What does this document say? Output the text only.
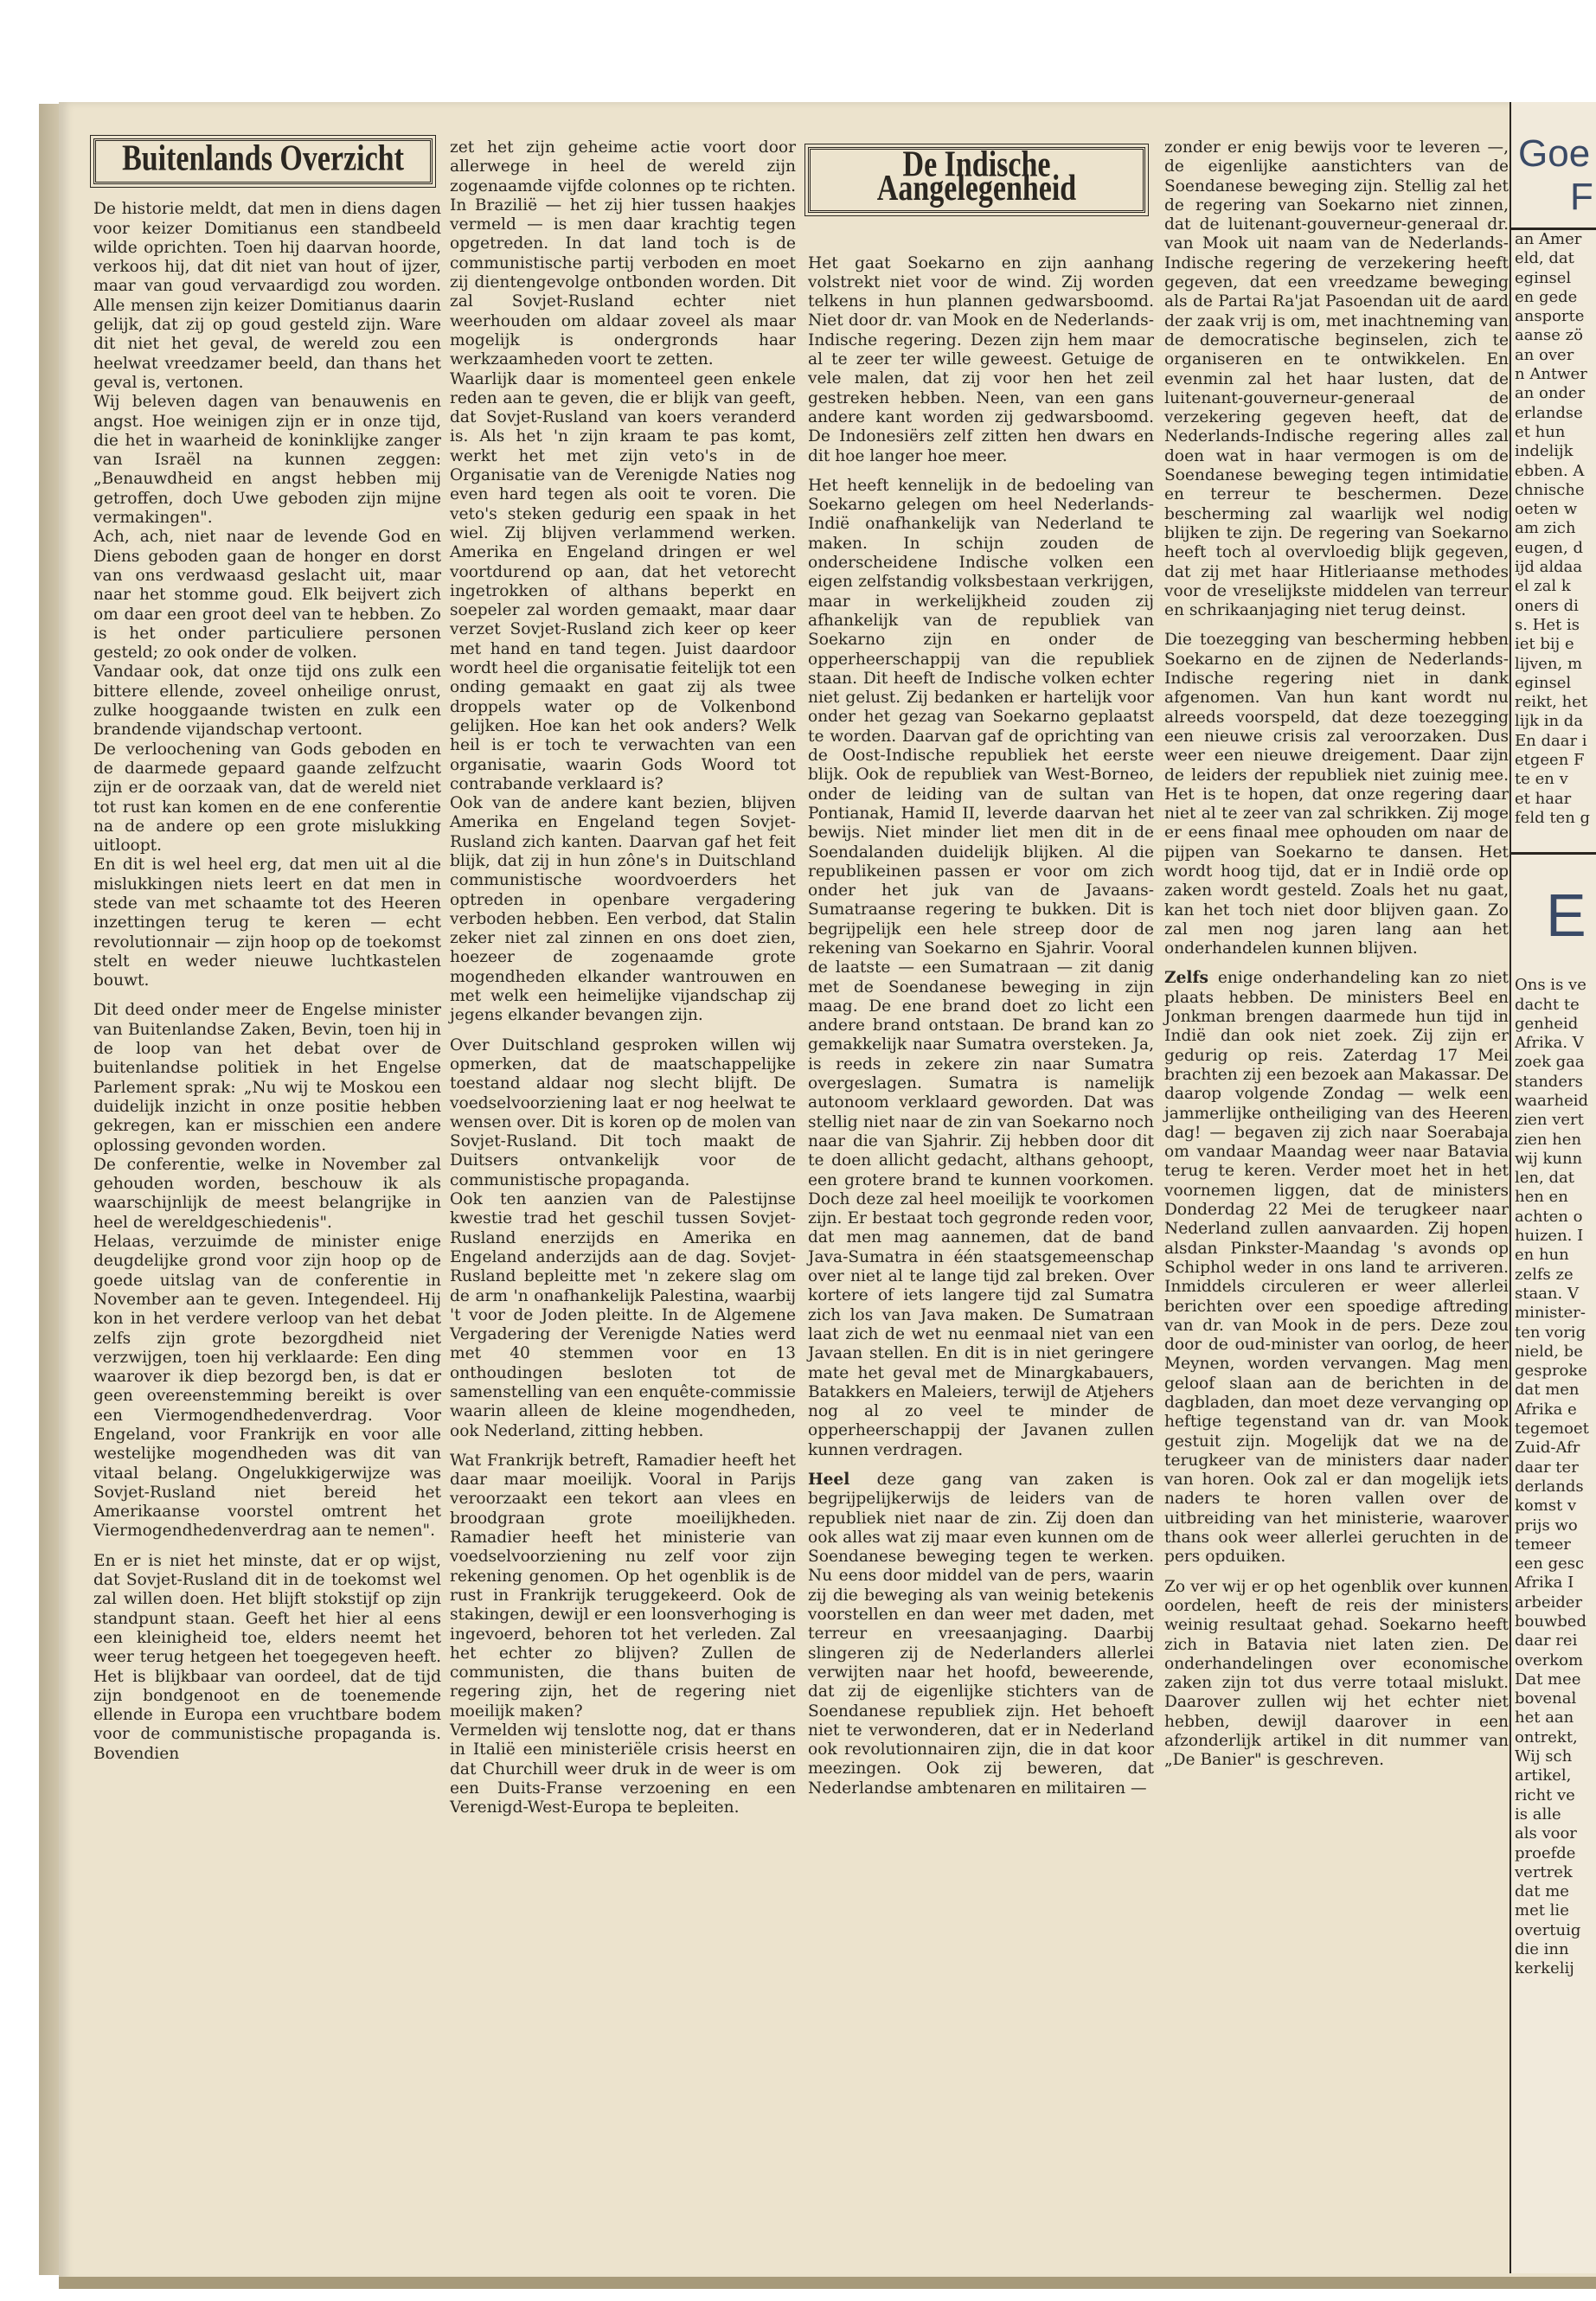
Buitenlands Overzicht

De historie meldt, dat men in diens dagen voor keizer Domitianus een standbeeld wilde oprichten. Toen hij daarvan hoorde, verkoos hij, dat dit niet van hout of ijzer, maar van goud vervaardigd zou worden. Alle mensen zijn keizer Domitianus daarin gelijk, dat zij op goud gesteld zijn. Ware dit niet het geval, de wereld zou een heelwat vreedzamer beeld, dan thans het geval is, vertonen.

Wij beleven dagen van benauwenis en angst. Hoe weinigen zijn er in onze tijd, die het in waarheid de koninklijke zanger van Israël na kunnen zeggen: „Benauwdheid en angst hebben mij getroffen, doch Uwe geboden zijn mijne vermakingen".

Ach, ach, niet naar de levende God en Diens geboden gaan de honger en dorst van ons verdwaasd geslacht uit, maar naar het stomme goud. Elk beijvert zich om daar een groot deel van te hebben. Zo is het onder particuliere personen gesteld; zo ook onder de volken.

Vandaar ook, dat onze tijd ons zulk een bittere ellende, zoveel onheilige onrust, zulke hooggaande twisten en zulk een brandende vijandschap vertoont.

De verloochening van Gods geboden en de daarmede gepaard gaande zelfzucht zijn er de oorzaak van, dat de wereld niet tot rust kan komen en de ene conferentie na de andere op een grote mislukking uitloopt.

En dit is wel heel erg, dat men uit al die mislukkingen niets leert en dat men in stede van met schaamte tot des Heeren inzettingen terug te keren — echt revolutionnair — zijn hoop op de toekomst stelt en weder nieuwe luchtkastelen bouwt.

Dit deed onder meer de Engelse minister van Buitenlandse Zaken, Bevin, toen hij in de loop van het debat over de buitenlandse politiek in het Engelse Parlement sprak: „Nu wij te Moskou een duidelijk inzicht in onze positie hebben gekregen, kan er misschien een andere oplossing gevonden worden.

De conferentie, welke in November zal gehouden worden, beschouw ik als waarschijnlijk de meest belangrijke in heel de wereldgeschiedenis".

Helaas, verzuimde de minister enige deugdelijke grond voor zijn hoop op de goede uitslag van de conferentie in November aan te geven. Integendeel. Hij kon in het verdere verloop van het debat zelfs zijn grote bezorgdheid niet verzwijgen, toen hij verklaarde: Een ding waarover ik diep bezorgd ben, is dat er geen overeenstemming bereikt is over een Viermogendhedenverdrag. Voor Engeland, voor Frankrijk en voor alle westelijke mogendheden was dit van vitaal belang. Ongelukkigerwijze was Sovjet-Rusland niet bereid het Amerikaanse voorstel omtrent het Viermogendhedenverdrag aan te nemen".

En er is niet het minste, dat er op wijst, dat Sovjet-Rusland dit in de toekomst wel zal willen doen. Het blijft stokstijf op zijn standpunt staan. Geeft het hier al eens een kleinigheid toe, elders neemt het weer terug hetgeen het toegegeven heeft. Het is blijkbaar van oordeel, dat de tijd zijn bondgenoot en de toenemende ellende in Europa een vruchtbare bodem voor de communistische propaganda is. Bovendien

zet het zijn geheime actie voort door allerwege in heel de wereld zijn zogenaamde vijfde colonnes op te richten. In Brazilië — het zij hier tussen haakjes vermeld — is men daar krachtig tegen opgetreden. In dat land toch is de communistische partij verboden en moet zij dientengevolge ontbonden worden. Dit zal Sovjet-Rusland echter niet weerhouden om aldaar zoveel als maar mogelijk is ondergronds haar werkzaamheden voort te zetten.

Waarlijk daar is momenteel geen enkele reden aan te geven, die er blijk van geeft, dat Sovjet-Rusland van koers veranderd is. Als het 'n zijn kraam te pas komt, werkt het met zijn veto's in de Organisatie van de Verenigde Naties nog even hard tegen als ooit te voren. Die veto's steken gedurig een spaak in het wiel. Zij blijven verlammend werken. Amerika en Engeland dringen er wel voortdurend op aan, dat het vetorecht ingetrokken of althans beperkt en soepeler zal worden gemaakt, maar daar verzet Sovjet-Rusland zich keer op keer met hand en tand tegen. Juist daardoor wordt heel die organisatie feitelijk tot een onding gemaakt en gaat zij als twee droppels water op de Volkenbond gelijken. Hoe kan het ook anders? Welk heil is er toch te verwachten van een organisatie, waarin Gods Woord tot contrabande verklaard is?

Ook van de andere kant bezien, blijven Amerika en Engeland tegen Sovjet-Rusland zich kanten. Daarvan gaf het feit blijk, dat zij in hun zône's in Duitschland communistische woordvoerders het optreden in openbare vergadering verboden hebben. Een verbod, dat Stalin zeker niet zal zinnen en ons doet zien, hoezeer de zogenaamde grote mogendheden elkander wantrouwen en met welk een heimelijke vijandschap zij jegens elkander bevangen zijn.

Over Duitschland gesproken willen wij opmerken, dat de maatschappelijke toestand aldaar nog slecht blijft. De voedselvoorziening laat er nog heelwat te wensen over. Dit is koren op de molen van Sovjet-Rusland. Dit toch maakt de Duitsers ontvankelijk voor de communistische propaganda.

Ook ten aanzien van de Palestijnse kwestie trad het geschil tussen Sovjet-Rusland enerzijds en Amerika en Engeland anderzijds aan de dag. Sovjet-Rusland bepleitte met 'n zekere slag om de arm 'n onafhankelijk Palestina, waarbij 't voor de Joden pleitte. In de Algemene Vergadering der Verenigde Naties werd met 40 stemmen voor en 13 onthoudingen besloten tot de samenstelling van een enquête-commissie waarin alleen de kleine mogendheden, ook Nederland, zitting hebben.

Wat Frankrijk betreft, Ramadier heeft het daar maar moeilijk. Vooral in Parijs veroorzaakt een tekort aan vlees en broodgraan grote moeilijkheden. Ramadier heeft het ministerie van voedselvoorziening nu zelf voor zijn rekening genomen. Op het ogenblik is de rust in Frankrijk teruggekeerd. Ook de stakingen, dewijl er een loonsverhoging is ingevoerd, behoren tot het verleden. Zal het echter zo blijven? Zullen de communisten, die thans buiten de regering zijn, het de regering niet moeilijk maken?

Vermelden wij tenslotte nog, dat er thans in Italië een ministeriële crisis heerst en dat Churchill weer druk in de weer is om een Duits-Franse verzoening en een Verenigd-West-Europa te bepleiten.

De Indische Aangelegenheid

Het gaat Soekarno en zijn aanhang volstrekt niet voor de wind. Zij worden telkens in hun plannen gedwarsboomd. Niet door dr. van Mook en de Nederlands-Indische regering. Dezen zijn hem maar al te zeer ter wille geweest. Getuige de vele malen, dat zij voor hen het zeil gestreken hebben. Neen, van een gans andere kant worden zij gedwarsboomd. De Indonesiërs zelf zitten hen dwars en dit hoe langer hoe meer.

Het heeft kennelijk in de bedoeling van Soekarno gelegen om heel Nederlands-Indië onafhankelijk van Nederland te maken. In schijn zouden de onderscheidene Indische volken een eigen zelfstandig volksbestaan verkrijgen, maar in werkelijkheid zouden zij afhankelijk van de republiek van Soekarno zijn en onder de opperheerschappij van die republiek staan. Dit heeft de Indische volken echter niet gelust. Zij bedanken er hartelijk voor onder het gezag van Soekarno geplaatst te worden. Daarvan gaf de oprichting van de Oost-Indische republiek het eerste blijk. Ook de republiek van West-Borneo, onder de leiding van de sultan van Pontianak, Hamid II, leverde daarvan het bewijs. Niet minder liet men dit in de Soendalanden duidelijk blijken. Al die republikeinen passen er voor om zich onder het juk van de Javaans-Sumatraanse regering te bukken. Dit is begrijpelijk een hele streep door de rekening van Soekarno en Sjahrir. Vooral de laatste — een Sumatraan — zit danig met de Soendanese beweging in zijn maag. De ene brand doet zo licht een andere brand ontstaan. De brand kan zo gemakkelijk naar Sumatra oversteken. Ja, is reeds in zekere zin naar Sumatra overgeslagen. Sumatra is namelijk autonoom verklaard geworden. Dat was stellig niet naar de zin van Soekarno noch naar die van Sjahrir. Zij hebben door dit te doen allicht gedacht, althans gehoopt, een grotere brand te kunnen voorkomen. Doch deze zal heel moeilijk te voorkomen zijn. Er bestaat toch gegronde reden voor, dat men mag aannemen, dat de band Java-Sumatra in één staatsgemeenschap over niet al te lange tijd zal breken. Over kortere of iets langere tijd zal Sumatra zich los van Java maken. De Sumatraan laat zich de wet nu eenmaal niet van een Javaan stellen. En dit is in niet geringere mate het geval met de Minargkabauers, Batakkers en Maleiers, terwijl de Atjehers nog al zo veel te minder de opperheerschappij der Javanen zullen kunnen verdragen.

Heel deze gang van zaken is begrijpelijkerwijs de leiders van de republiek niet naar de zin. Zij doen dan ook alles wat zij maar even kunnen om de Soendanese beweging tegen te werken. Nu eens door middel van de pers, waarin zij die beweging als van weinig betekenis voorstellen en dan weer met daden, met terreur en vreesaanjaging. Daarbij slingeren zij de Nederlanders allerlei verwijten naar het hoofd, beweerende, dat zij de eigenlijke stichters van de Soendanese republiek zijn. Het behoeft niet te verwonderen, dat er in Nederland ook revolutionnairen zijn, die in dat koor meezingen. Ook zij beweren, dat Nederlandse ambtenaren en militairen —

zonder er enig bewijs voor te leveren —, de eigenlijke aanstichters van de Soendanese beweging zijn. Stellig zal het de regering van Soekarno niet zinnen, dat de luitenant-gouverneur-generaal dr. van Mook uit naam van de Nederlands-Indische regering de verzekering heeft gegeven, dat een vreedzame beweging als de Partai Ra'jat Pasoendan uit de aard der zaak vrij is om, met inachtneming van de democratische beginselen, zich te organiseren en te ontwikkelen. En evenmin zal het haar lusten, dat de luitenant-gouverneur-generaal de verzekering gegeven heeft, dat de Nederlands-Indische regering alles zal doen wat in haar vermogen is om de Soendanese beweging tegen intimidatie en terreur te beschermen. Deze bescherming zal waarlijk wel nodig blijken te zijn. De regering van Soekarno heeft toch al overvloedig blijk gegeven, dat zij met haar Hitleriaanse methodes voor de vreselijkste middelen van terreur en schrikaanjaging niet terug deinst.

Die toezegging van bescherming hebben Soekarno en de zijnen de Nederlands-Indische regering niet in dank afgenomen. Van hun kant wordt nu alreeds voorspeld, dat deze toezegging een nieuwe crisis zal veroorzaken. Dus weer een nieuwe dreigement. Daar zijn de leiders der republiek niet zuinig mee. Het is te hopen, dat onze regering daar niet al te zeer van zal schrikken. Zij moge er eens finaal mee ophouden om naar de pijpen van Soekarno te dansen. Het wordt hoog tijd, dat er in Indië orde op zaken wordt gesteld. Zoals het nu gaat, kan het toch niet door blijven gaan. Zo zal men nog jaren lang aan het onderhandelen kunnen blijven.

Zelfs enige onderhandeling kan zo niet plaats hebben. De ministers Beel en Jonkman brengen daarmede hun tijd in Indië dan ook niet zoek. Zij zijn er gedurig op reis. Zaterdag 17 Mei brachten zij een bezoek aan Makassar. De daarop volgende Zondag — welk een jammerlijke ontheiliging van des Heeren dag! — begaven zij zich naar Soerabaja om vandaar Maandag weer naar Batavia terug te keren. Verder moet het in het voornemen liggen, dat de ministers Donderdag 22 Mei de terugkeer naar Nederland zullen aanvaarden. Zij hopen alsdan Pinkster-Maandag 's avonds op Schiphol weder in ons land te arriveren. Inmiddels circuleren er weer allerlei berichten over een spoedige aftreding van dr. van Mook in de pers. Deze zou door de oud-minister van oorlog, de heer Meynen, worden vervangen. Mag men geloof slaan aan de berichten in de dagbladen, dan moet deze vervanging op heftige tegenstand van dr. van Mook gestuit zijn. Mogelijk dat we na de terugkeer van de ministers daar nader van horen. Ook zal er dan mogelijk iets naders te horen vallen over de uitbreiding van het ministerie, waarover thans ook weer allerlei geruchten in de pers opduiken.

Zo ver wij er op het ogenblik over kunnen oordelen, heeft de reis der ministers weinig resultaat gehad. Soekarno heeft zich in Batavia niet laten zien. De onderhandelingen over economische zaken zijn tot dus verre totaal mislukt. Daarover zullen wij het echter niet hebben, dewijl daarover in een afzonderlijk artikel in dit nummer van „De Banier" is geschreven.

Goe
F
an Amer
eld, dat
eginsel
en gede
ansporte
aanse zö
an over
n Antwer
an onder
erlandse
et hun
indelijk
ebben. A
chnische
oeten w
am zich
eugen, d
ijd aldaa
el zal k
oners di
s. Het is
iet bij e
lijven, m
eginsel
reikt, het
lijk in da
En daar i
etgeen F
te en v
et haar
feld ten g
E
Ons is ve
dacht te
genheid
Afrika. V
zoek gaa
standers
waarheid
zien vert
zien hen
wij kunn
len, dat
hen en
achten o
huizen. I
en hun
zelfs ze
staan. V
minister-
ten vorig
nield, be
gesproke
dat men
Afrika e
tegemoet
Zuid-Afr
daar ter
derlands
komst v
prijs wo
temeer
een gesc
Afrika I
arbeider
bouwbed
daar rei
overkom
Dat mee
bovenal
het aan
ontrekt,
Wij sch
artikel,
richt ve
is alle
als voor
proefde
vertrek
dat me
met lie
overtuig
die inn
kerkelij
